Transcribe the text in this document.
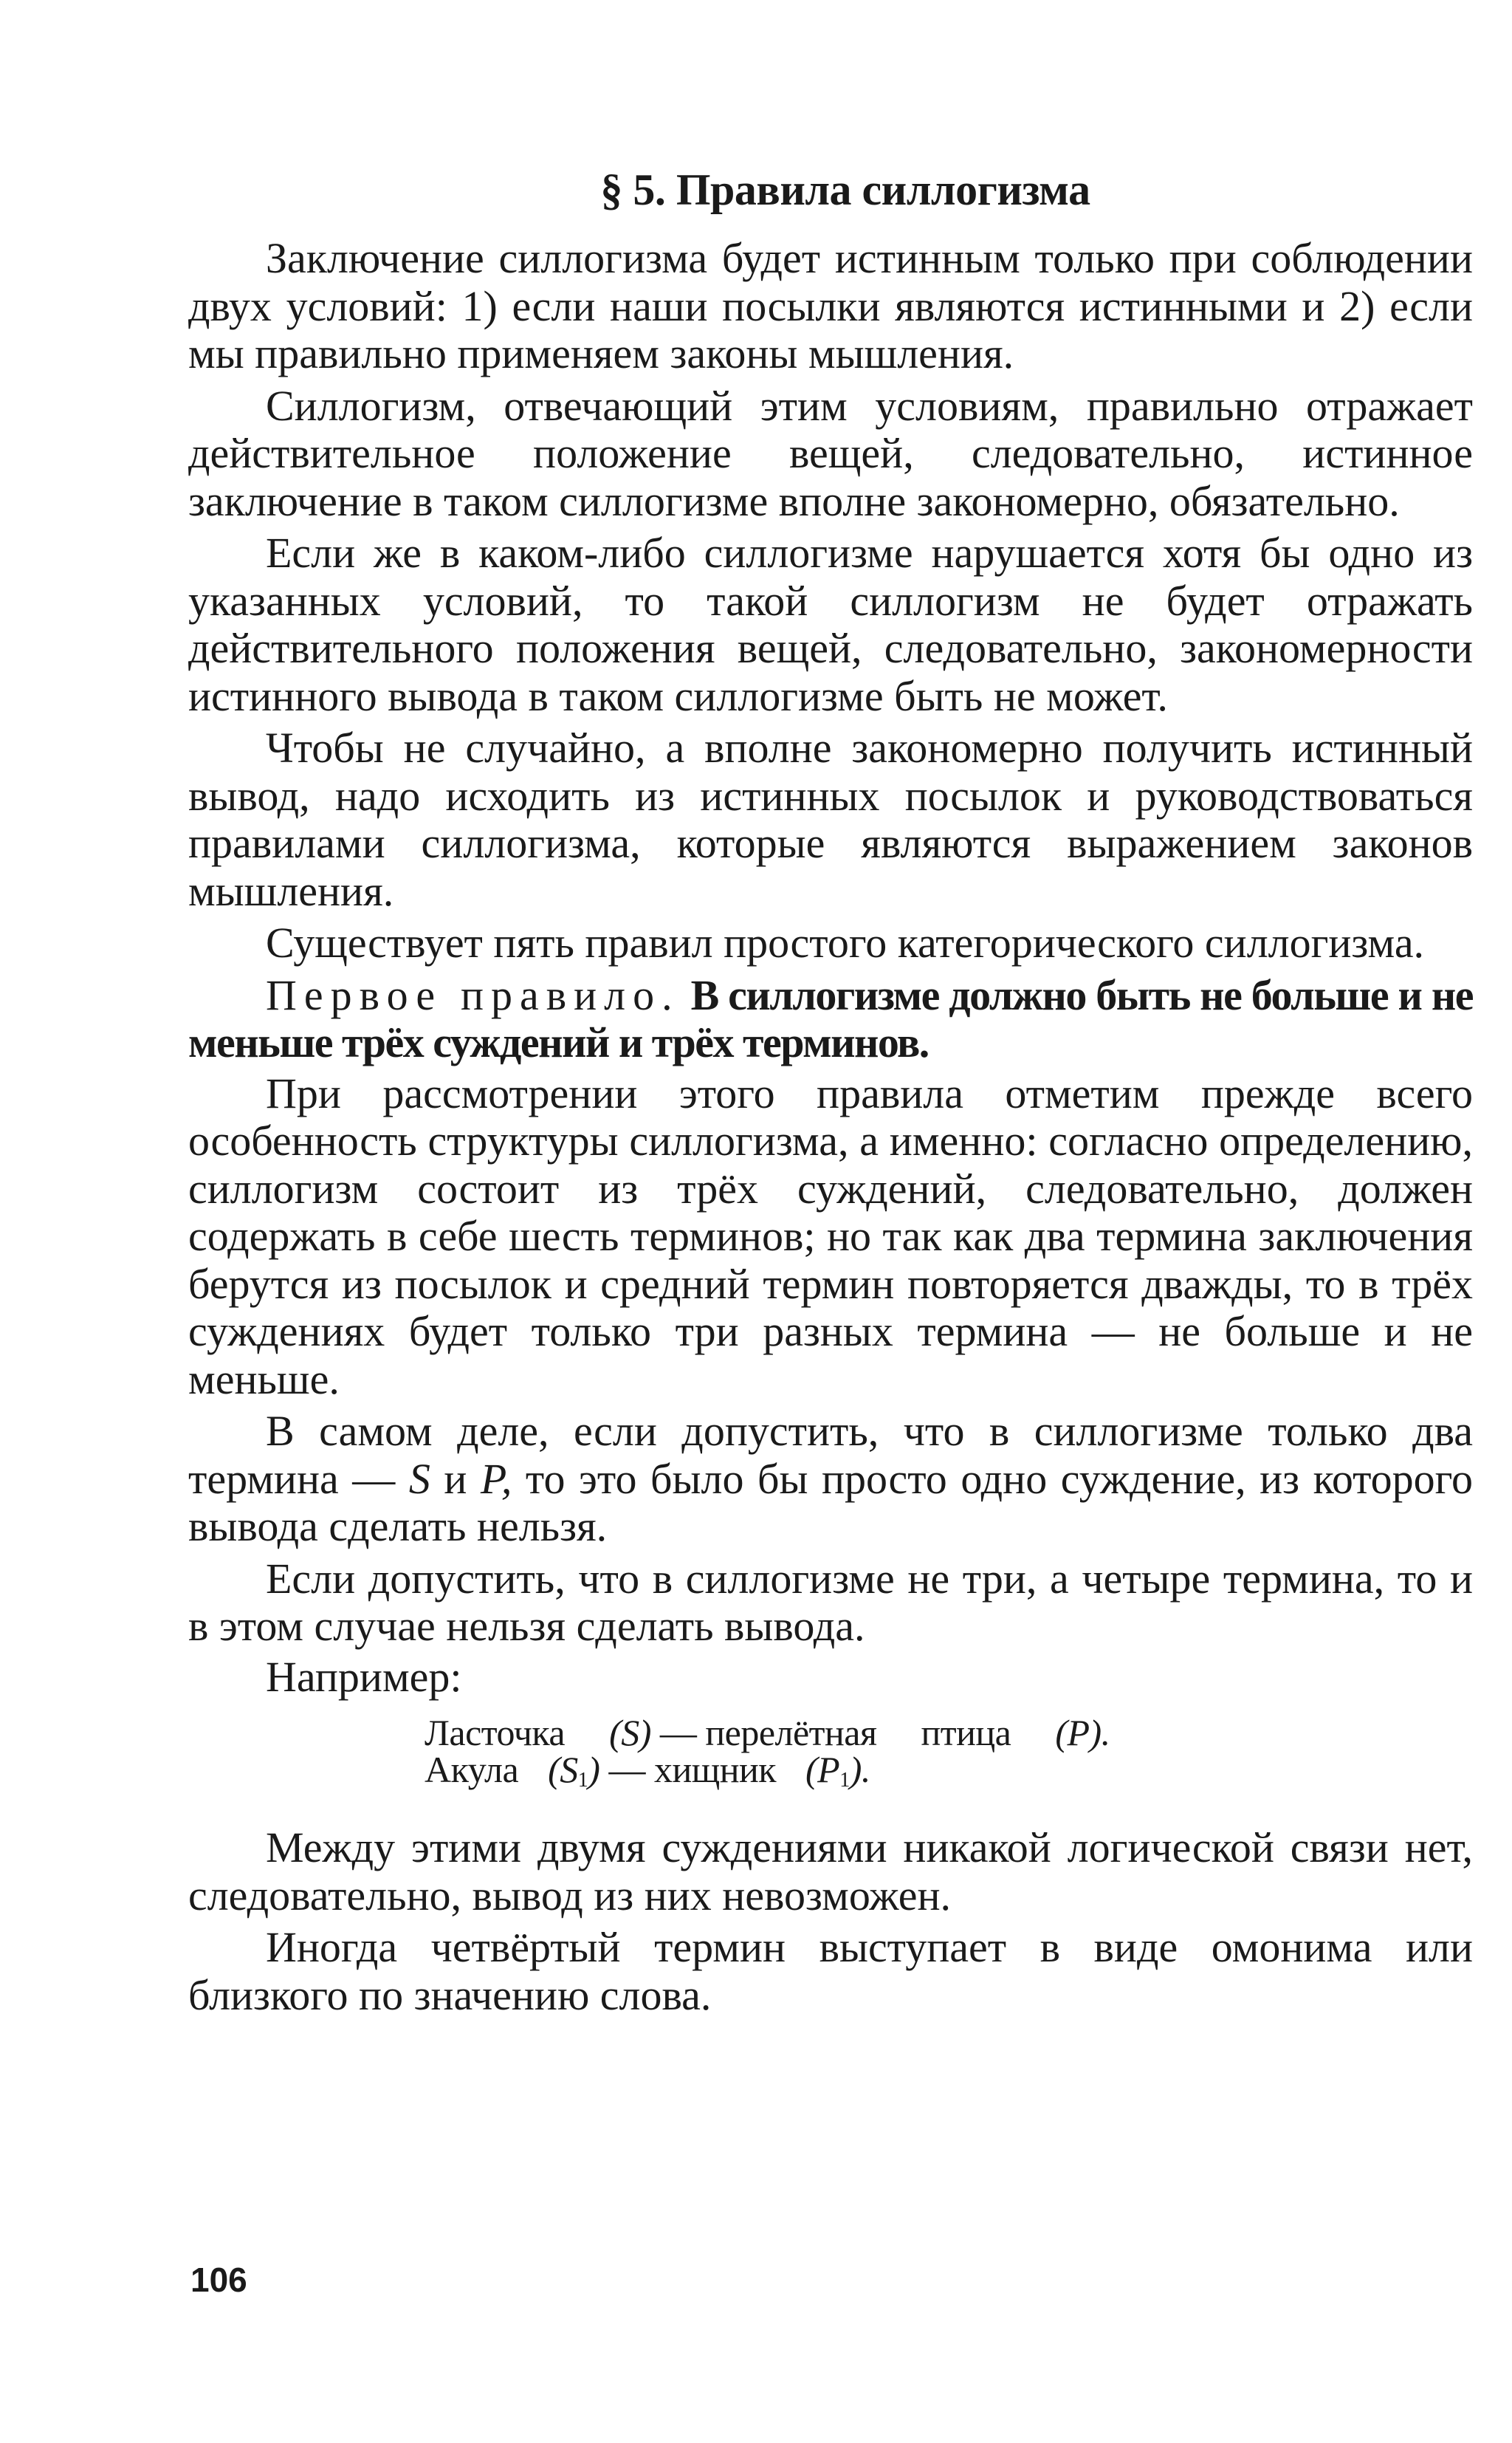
§ 5. Правила силлогизма

Заключение силлогизма будет истинным только при соблюдении двух условий: 1) если наши посылки являются истинными и 2) если мы правильно применяем законы мышления.

Силлогизм, отвечающий этим условиям, правильно отражает действительное положение вещей, следовательно, истинное заключение в таком силлогизме вполне закономерно, обязательно.

Если же в каком-либо силлогизме нарушается хотя бы одно из указанных условий, то такой силлогизм не будет отражать действительного положения вещей, следовательно, закономерности истинного вывода в таком силлогизме быть не может.

Чтобы не случайно, а вполне закономерно получить истинный вывод, надо исходить из истинных посылок и руководствоваться правилами силлогизма, которые являются выражением законов мышления.

Существует пять правил простого категорического силлогизма.

Первое правило. В силлогизме должно быть не больше и не меньше трёх суждений и трёх терминов.

При рассмотрении этого правила отметим прежде всего особенность структуры силлогизма, а именно: согласно определению, силлогизм состоит из трёх суждений, следовательно, должен содержать в себе шесть терминов; но так как два термина заключения берутся из посылок и средний термин повторяется дважды, то в трёх суждениях будет только три разных термина — не больше и не меньше.

В самом деле, если допустить, что в силлогизме только два термина — S и P, то это было бы просто одно суждение, из которого вывода сделать нельзя.

Если допустить, что в силлогизме не три, а четыре термина, то и в этом случае нельзя сделать вывода.

Например:

Ласточка (S) — перелётная птица (P).
Акула $(S_1)$ — хищник $(P_1)$.

Между этими двумя суждениями никакой логической связи нет, следовательно, вывод из них невозможен.

Иногда четвёртый термин выступает в виде омонима или близкого по значению слова.

106
